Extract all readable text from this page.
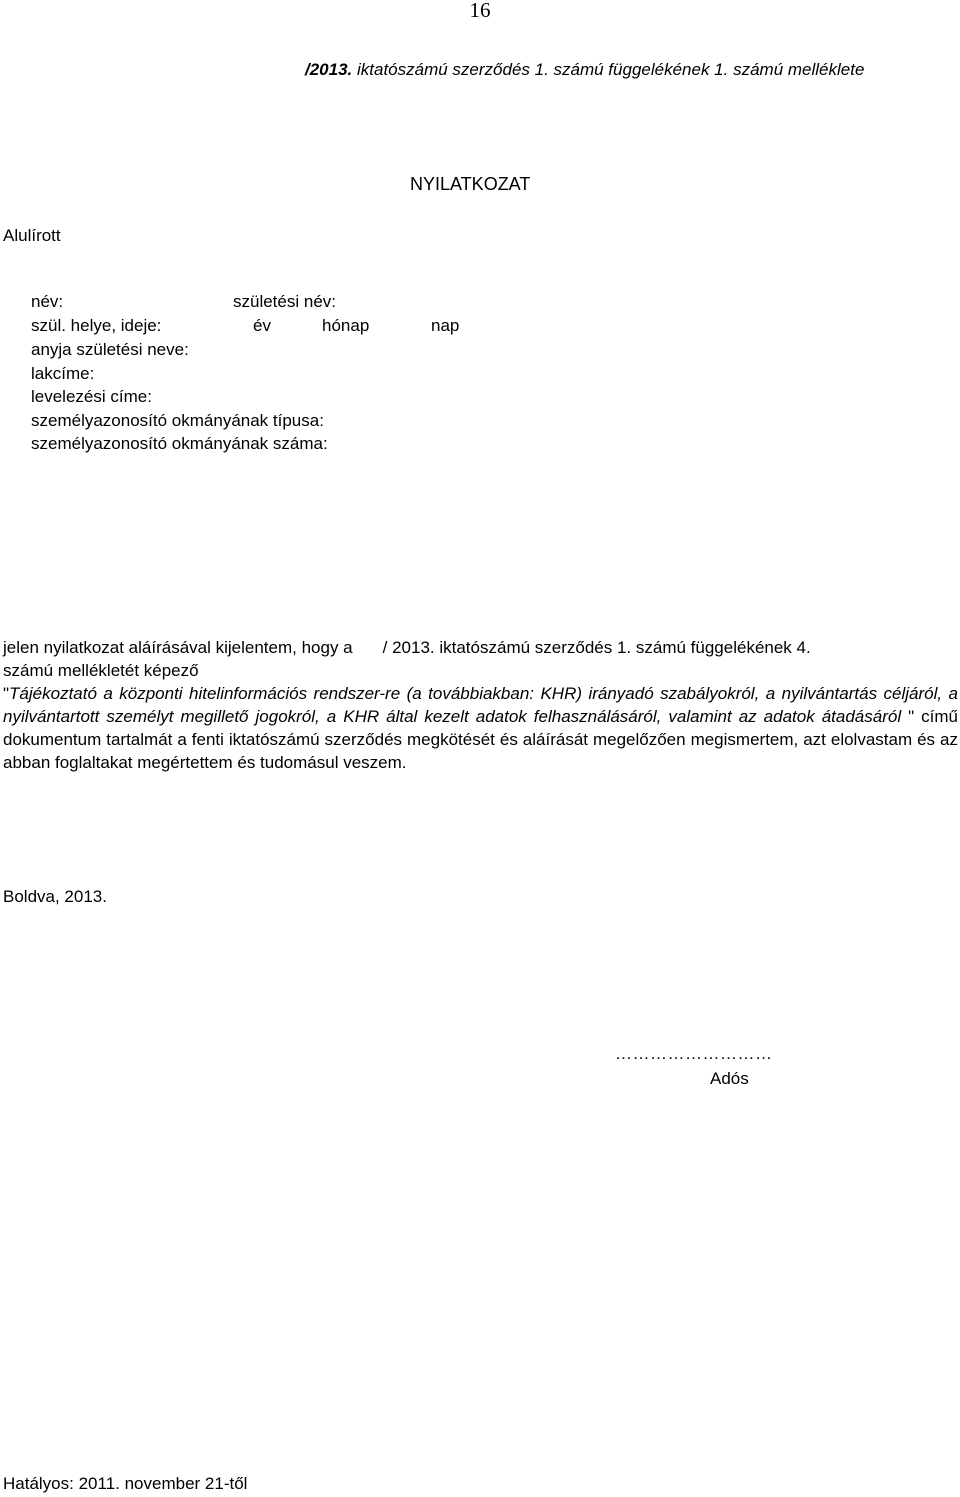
16
/2013. iktatószámú szerződés 1. számú függelékének 1. számú melléklete
NYILATKOZAT
Alulírott
név:	születési név:
szül. helye, ideje:	év	hónap	nap
anyja születési neve:
lakcíme:
levelezési címe:
személyazonosító okmányának típusa:
személyazonosító okmányának száma:
jelen nyilatkozat aláírásával kijelentem, hogy a / 2013. iktatószámú szerződés 1. számú függelékének 4.
számú mellékletét képező
"Tájékoztató a központi hitelinformációs rendszer-re (a továbbiakban: KHR) irányadó szabályokról, a nyilvántartás céljáról, a nyilvántartott személyt megillető jogokról, a KHR által kezelt adatok felhasználásáról, valamint az adatok átadásáról " című dokumentum tartalmát a fenti iktatószámú szerződés megkötését és aláírását megelőzően megismertem, azt elolvastam és az abban foglaltakat megértettem és tudomásul veszem.
Boldva, 2013.
………………………
Adós
Hatályos: 2011. november 21-től
